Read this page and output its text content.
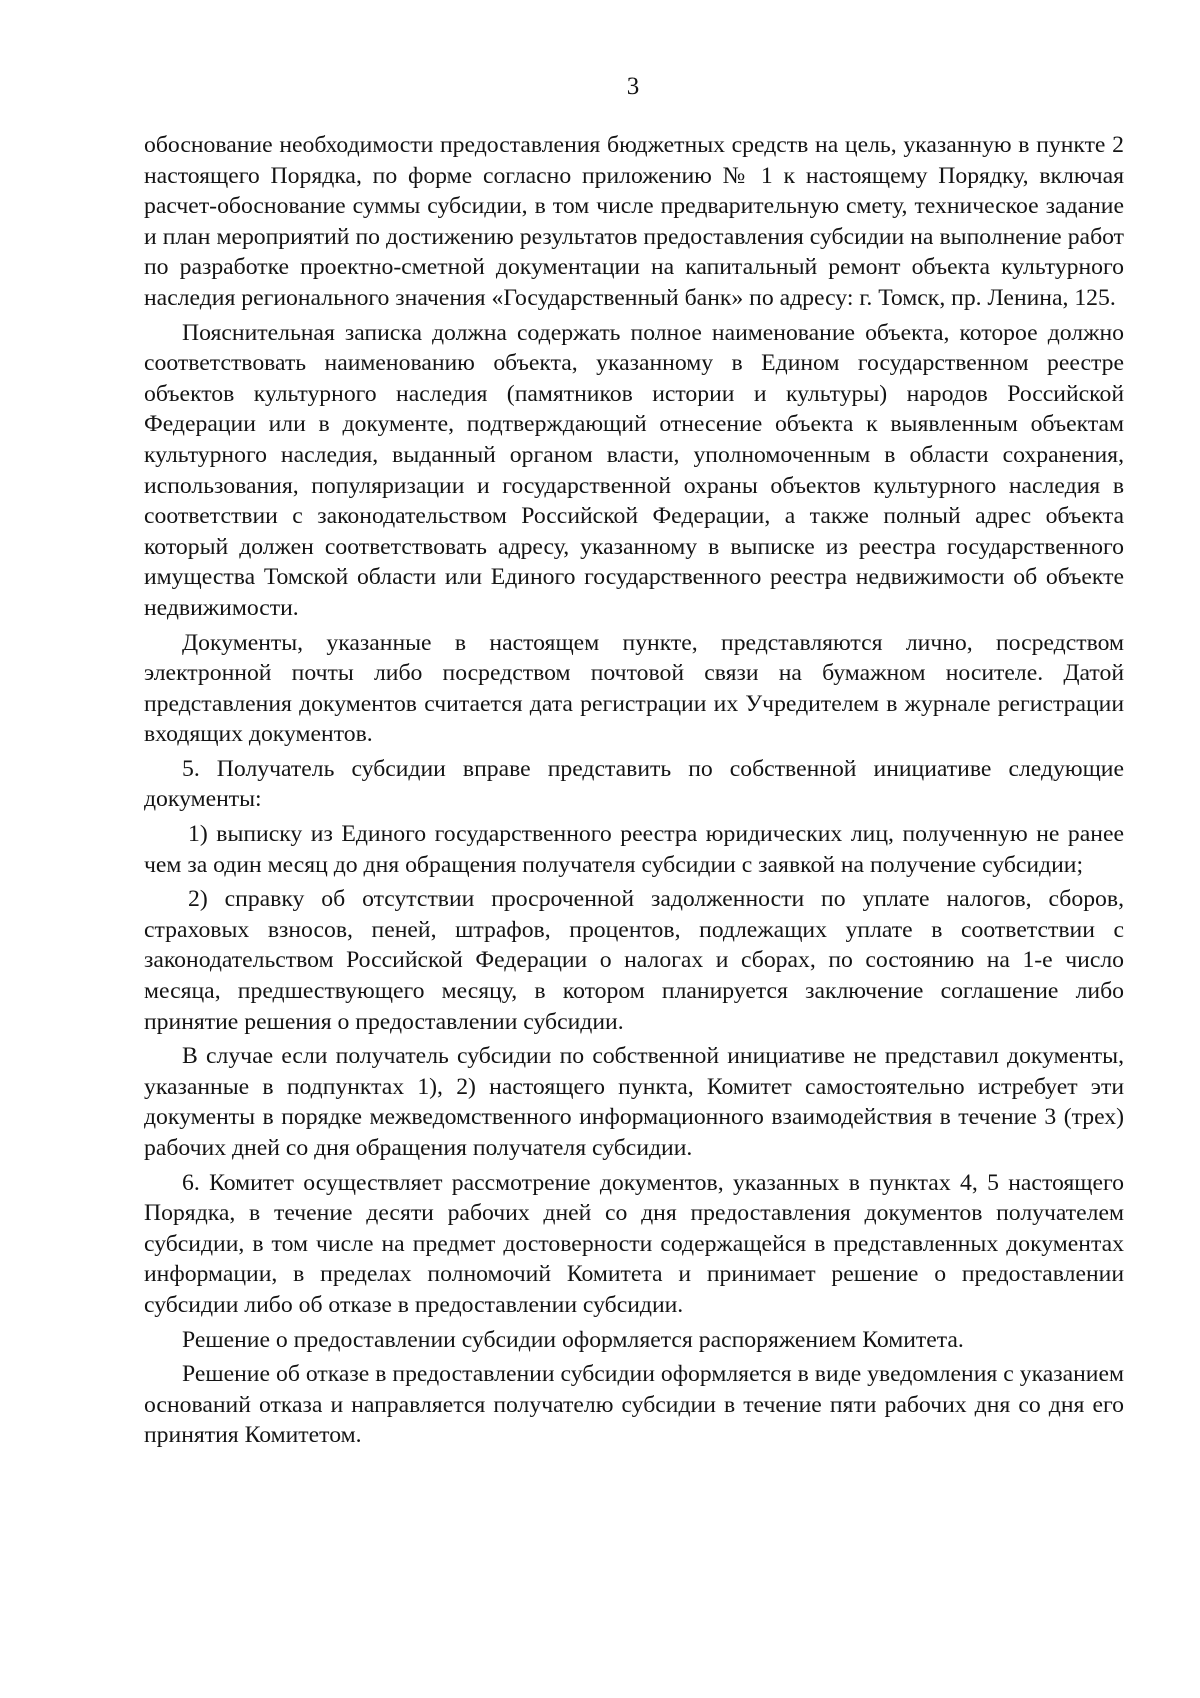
3

обоснование необходимости предоставления бюджетных средств на цель, указанную в пункте 2 настоящего Порядка, по форме согласно приложению № 1 к настоящему Порядку, включая расчет-обоснование суммы субсидии, в том числе предварительную смету, техническое задание и план мероприятий по достижению результатов предоставления субсидии на выполнение работ по разработке проектно-сметной документации на капитальный ремонт объекта культурного наследия регионального значения «Государственный банк» по адресу: г. Томск, пр. Ленина, 125.

Пояснительная записка должна содержать полное наименование объекта, которое должно соответствовать наименованию объекта, указанному в Едином государственном реестре объектов культурного наследия (памятников истории и культуры) народов Российской Федерации или в документе, подтверждающий отнесение объекта к выявленным объектам культурного наследия, выданный органом власти, уполномоченным в области сохранения, использования, популяризации и государственной охраны объектов культурного наследия в соответствии с законодательством Российской Федерации, а также полный адрес объекта который должен соответствовать адресу, указанному в выписке из реестра государственного имущества Томской области или Единого государственного реестра недвижимости об объекте недвижимости.

Документы, указанные в настоящем пункте, представляются лично, посредством электронной почты либо посредством почтовой связи на бумажном носителе. Датой представления документов считается дата регистрации их Учредителем в журнале регистрации входящих документов.

5. Получатель субсидии вправе представить по собственной инициативе следующие документы:

1) выписку из Единого государственного реестра юридических лиц, полученную не ранее чем за один месяц до дня обращения получателя субсидии с заявкой на получение субсидии;

2) справку об отсутствии просроченной задолженности по уплате налогов, сборов, страховых взносов, пеней, штрафов, процентов, подлежащих уплате в соответствии с законодательством Российской Федерации о налогах и сборах, по состоянию на 1-е число месяца, предшествующего месяцу, в котором планируется заключение соглашение либо принятие решения о предоставлении субсидии.

В случае если получатель субсидии по собственной инициативе не представил документы, указанные в подпунктах 1), 2) настоящего пункта, Комитет самостоятельно истребует эти документы в порядке межведомственного информационного взаимодействия в течение 3 (трех) рабочих дней со дня обращения получателя субсидии.

6. Комитет осуществляет рассмотрение документов, указанных в пунктах 4, 5 настоящего Порядка, в течение десяти рабочих дней со дня предоставления документов получателем субсидии, в том числе на предмет достоверности содержащейся в представленных документах информации, в пределах полномочий Комитета и принимает решение о предоставлении субсидии либо об отказе в предоставлении субсидии.

Решение о предоставлении субсидии оформляется распоряжением Комитета.

Решение об отказе в предоставлении субсидии оформляется в виде уведомления с указанием оснований отказа и направляется получателю субсидии в течение пяти рабочих дня со дня его принятия Комитетом.
